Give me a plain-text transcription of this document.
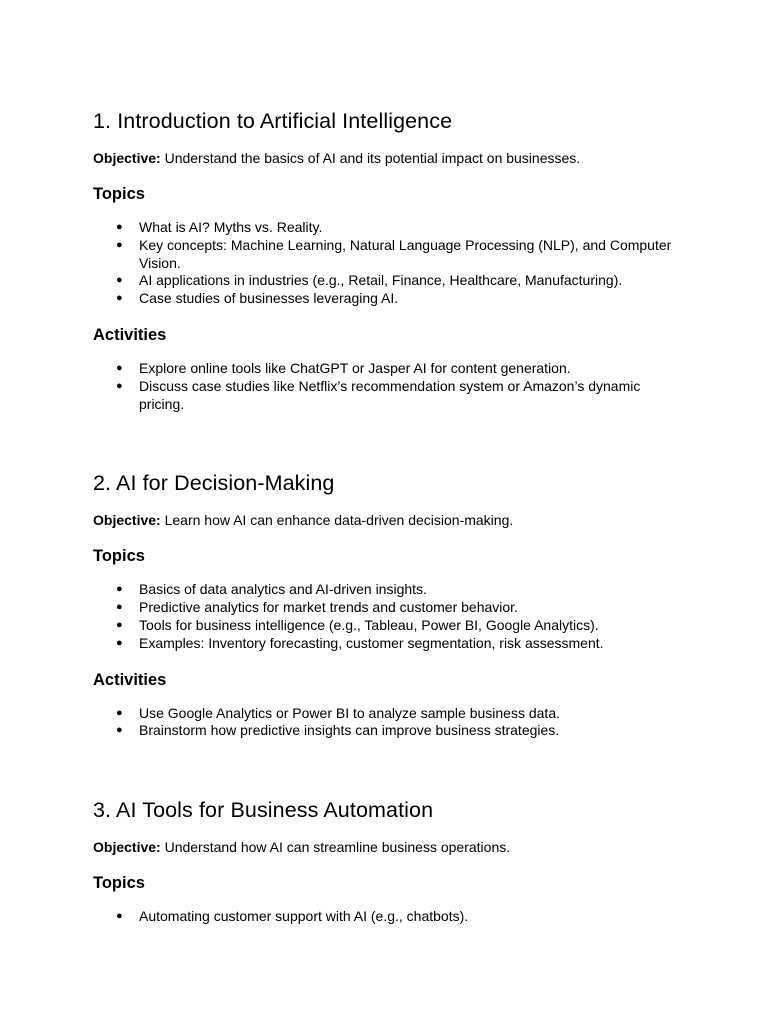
1. Introduction to Artificial Intelligence

Objective: Understand the basics of AI and its potential impact on businesses.

Topics
● What is AI? Myths vs. Reality.
● Key concepts: Machine Learning, Natural Language Processing (NLP), and Computer Vision.
● AI applications in industries (e.g., Retail, Finance, Healthcare, Manufacturing).
● Case studies of businesses leveraging AI.
Activities
● Explore online tools like ChatGPT or Jasper AI for content generation.
● Discuss case studies like Netflix’s recommendation system or Amazon’s dynamic pricing.
2. AI for Decision-Making

Objective: Learn how AI can enhance data-driven decision-making.

Topics
● Basics of data analytics and AI-driven insights.
● Predictive analytics for market trends and customer behavior.
● Tools for business intelligence (e.g., Tableau, Power BI, Google Analytics).
● Examples: Inventory forecasting, customer segmentation, risk assessment.
Activities
● Use Google Analytics or Power BI to analyze sample business data.
● Brainstorm how predictive insights can improve business strategies.
3. AI Tools for Business Automation

Objective: Understand how AI can streamline business operations.

Topics
● Automating customer support with AI (e.g., chatbots).
